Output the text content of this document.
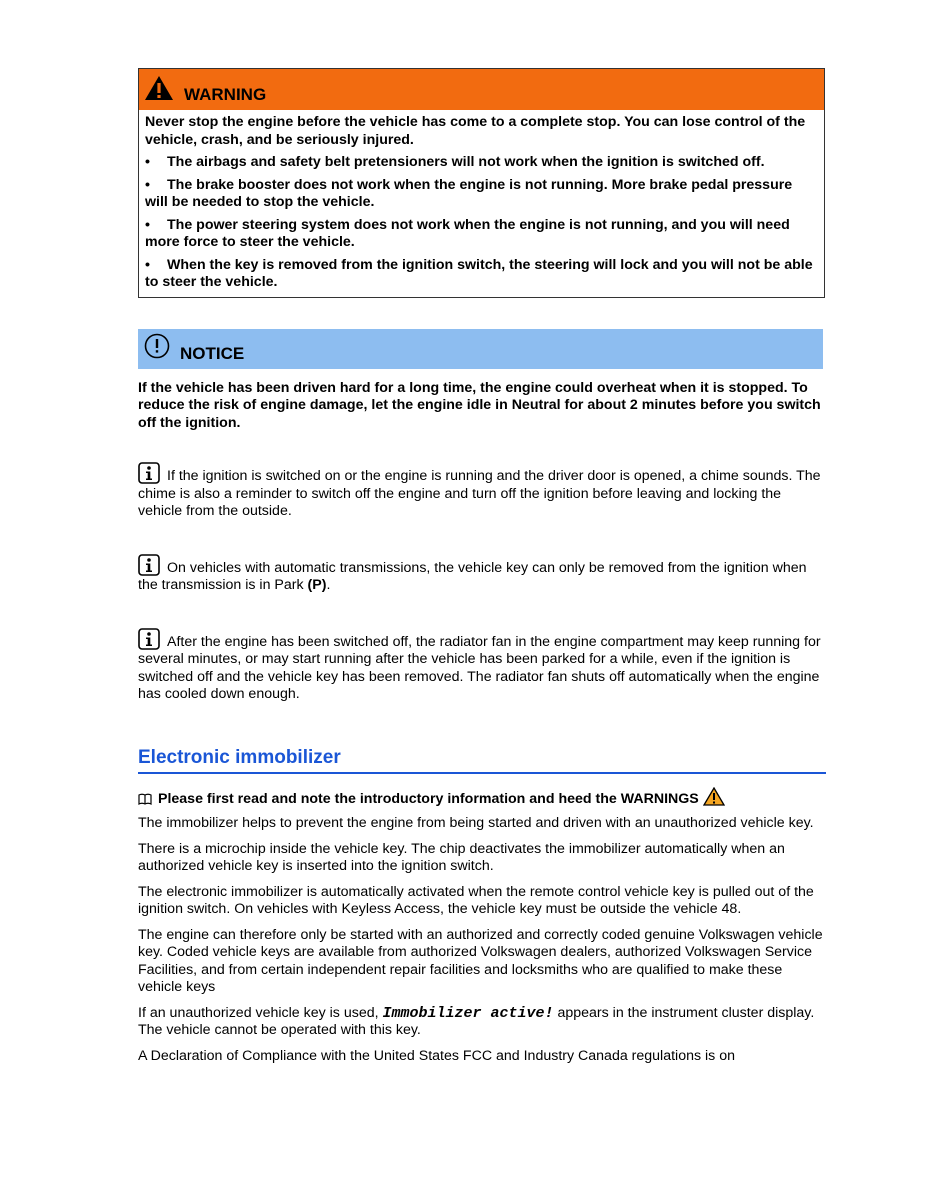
WARNING

Never stop the engine before the vehicle has come to a complete stop. You can lose control of the vehicle, crash, and be seriously injured.

• The airbags and safety belt pretensioners will not work when the ignition is switched off.

• The brake booster does not work when the engine is not running. More brake pedal pressure will be needed to stop the vehicle.

• The power steering system does not work when the engine is not running, and you will need more force to steer the vehicle.

• When the key is removed from the ignition switch, the steering will lock and you will not be able to steer the vehicle.

NOTICE

If the vehicle has been driven hard for a long time, the engine could overheat when it is stopped. To reduce the risk of engine damage, let the engine idle in Neutral for about 2 minutes before you switch off the ignition.

If the ignition is switched on or the engine is running and the driver door is opened, a chime sounds. The chime is also a reminder to switch off the engine and turn off the ignition before leaving and locking the vehicle from the outside.

On vehicles with automatic transmissions, the vehicle key can only be removed from the ignition when the transmission is in Park (P).

After the engine has been switched off, the radiator fan in the engine compartment may keep running for several minutes, or may start running after the vehicle has been parked for a while, even if the ignition is switched off and the vehicle key has been removed. The radiator fan shuts off automatically when the engine has cooled down enough.

Electronic immobilizer
Please first read and note the introductory information and heed the WARNINGS

The immobilizer helps to prevent the engine from being started and driven with an unauthorized vehicle key.

There is a microchip inside the vehicle key. The chip deactivates the immobilizer automatically when an authorized vehicle key is inserted into the ignition switch.

The electronic immobilizer is automatically activated when the remote control vehicle key is pulled out of the ignition switch. On vehicles with Keyless Access, the vehicle key must be outside the vehicle 48.

The engine can therefore only be started with an authorized and correctly coded genuine Volkswagen vehicle key. Coded vehicle keys are available from authorized Volkswagen dealers, authorized Volkswagen Service Facilities, and from certain independent repair facilities and locksmiths who are qualified to make these vehicle keys

If an unauthorized vehicle key is used, Immobilizer active! appears in the instrument cluster display. The vehicle cannot be operated with this key.

A Declaration of Compliance with the United States FCC and Industry Canada regulations is on
